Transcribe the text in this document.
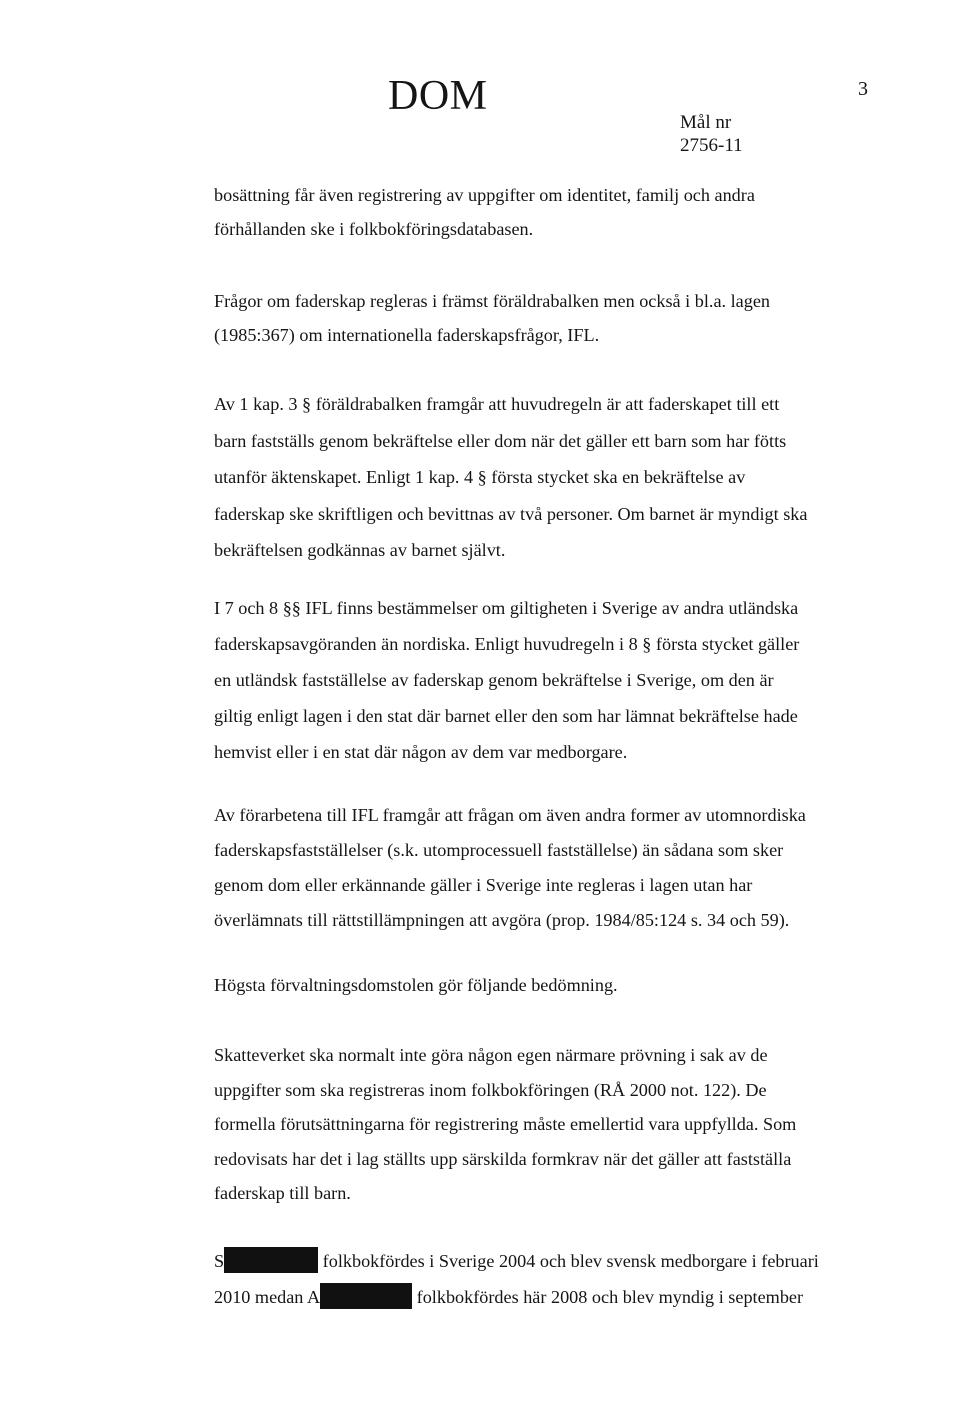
DOM	3
Mål nr
2756-11
bosättning får även registrering av uppgifter om identitet, familj och andra
förhållanden ske i folkbokföringsdatabasen.
Frågor om faderskap regleras i främst föräldrabalken men också i bl.a. lagen
(1985:367) om internationella faderskapsfrågor, IFL.
Av 1 kap. 3 § föräldrabalken framgår att huvudregeln är att faderskapet till ett
barn fastställs genom bekräftelse eller dom när det gäller ett barn som har fötts
utanför äktenskapet. Enligt 1 kap. 4 § första stycket ska en bekräftelse av
faderskap ske skriftligen och bevittnas av två personer. Om barnet är myndigt ska
bekräftelsen godkännas av barnet självt.
I 7 och 8 §§ IFL finns bestämmelser om giltigheten i Sverige av andra utländska
faderskapsavgöranden än nordiska. Enligt huvudregeln i 8 § första stycket gäller
en utländsk fastställelse av faderskap genom bekräftelse i Sverige, om den är
giltig enligt lagen i den stat där barnet eller den som har lämnat bekräftelse hade
hemvist eller i en stat där någon av dem var medborgare.
Av förarbetena till IFL framgår att frågan om även andra former av utomnordiska
faderskapsfastställelser (s.k. utomprocessuell fastställelse) än sådana som sker
genom dom eller erkännande gäller i Sverige inte regleras i lagen utan har
överlämnats till rättstillämpningen att avgöra (prop. 1984/85:124 s. 34 och 59).
Högsta förvaltningsdomstolen gör följande bedömning.
Skatteverket ska normalt inte göra någon egen närmare prövning i sak av de
uppgifter som ska registreras inom folkbokföringen (RÅ 2000 not. 122). De
formella förutsättningarna för registrering måste emellertid vara uppfyllda. Som
redovisats har det i lag ställts upp särskilda formkrav när det gäller att fastställa
faderskap till barn.
S	folkbokfördes i Sverige 2004 och blev svensk medborgare i februari
2010 medan A	folkbokfördes här 2008 och blev myndig i september
